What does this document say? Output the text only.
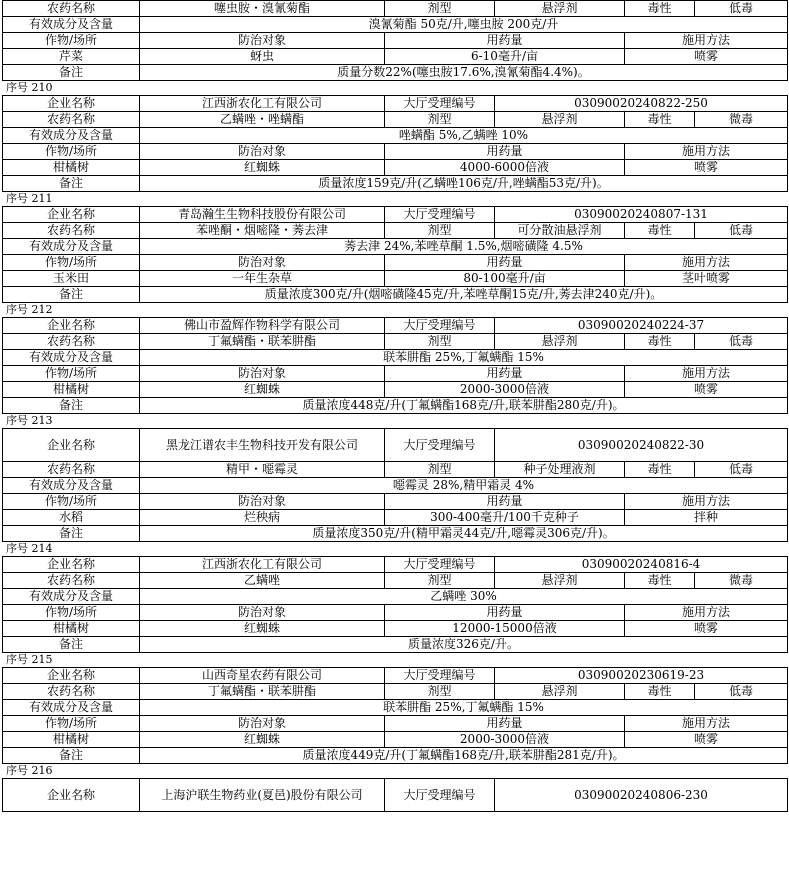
农药名称	噻虫胺・溴氰菊酯	剂型	悬浮剂	毒性	低毒
有效成分及含量	溴氰菊酯 50克/升,噻虫胺 200克/升				
作物/场所	防治对象	用药量		施用方法	
芹菜	蚜虫	6-10毫升/亩		喷雾	
备注	质量分数22%(噻虫胺17.6%,溴氰菊酯4.4%)。				
序号 210
企业名称	江西浙农化工有限公司	大厅受理编号	03090020240822-250		
农药名称	乙螨唑・唑螨酯	剂型	悬浮剂	毒性	微毒
有效成分及含量	唑螨酯 5%,乙螨唑 10%				
作物/场所	防治对象	用药量		施用方法	
柑橘树	红蜘蛛	4000-6000倍液		喷雾	
备注	质量浓度159克/升(乙螨唑106克/升,唑螨酯53克/升)。				
序号 211
企业名称	青岛瀚生生物科技股份有限公司	大厅受理编号	03090020240807-131		
农药名称	苯唑酮・烟嘧隆・莠去津	剂型	可分散油悬浮剂	毒性	低毒
有效成分及含量	莠去津 24%,苯唑草酮 1.5%,烟嘧磺隆 4.5%				
作物/场所	防治对象	用药量		施用方法	
玉米田	一年生杂草	80-100毫升/亩		茎叶喷雾	
备注	质量浓度300克/升(烟嘧磺隆45克/升,苯唑草酮15克/升,莠去津240克/升)。				
序号 212
企业名称	佛山市盈辉作物科学有限公司	大厅受理编号	03090020240224-37		
农药名称	丁氟螨酯・联苯肼酯	剂型	悬浮剂	毒性	低毒
有效成分及含量	联苯肼酯 25%,丁氟螨酯 15%				
作物/场所	防治对象	用药量		施用方法	
柑橘树	红蜘蛛	2000-3000倍液		喷雾	
备注	质量浓度448克/升(丁氟螨酯168克/升,联苯肼酯280克/升)。				
序号 213
企业名称	黑龙江谱农丰生物科技开发有限公司	大厅受理编号	03090020240822-30		
农药名称	精甲・噁霉灵	剂型	种子处理液剂	毒性	低毒
有效成分及含量	噁霉灵 28%,精甲霜灵 4%				
作物/场所	防治对象	用药量		施用方法	
水稻	烂秧病	300-400毫升/100千克种子		拌种	
备注	质量浓度350克/升(精甲霜灵44克/升,噁霉灵306克/升)。				
序号 214
企业名称	江西浙农化工有限公司	大厅受理编号	03090020240816-4		
农药名称	乙螨唑	剂型	悬浮剂	毒性	微毒
有效成分及含量	乙螨唑 30%				
作物/场所	防治对象	用药量		施用方法	
柑橘树	红蜘蛛	12000-15000倍液		喷雾	
备注	质量浓度326克/升。				
序号 215
企业名称	山西奇星农药有限公司	大厅受理编号	03090020230619-23		
农药名称	丁氟螨酯・联苯肼酯	剂型	悬浮剂	毒性	低毒
有效成分及含量	联苯肼酯 25%,丁氟螨酯 15%				
作物/场所	防治对象	用药量		施用方法	
柑橘树	红蜘蛛	2000-3000倍液		喷雾	
备注	质量浓度449克/升(丁氟螨酯168克/升,联苯肼酯281克/升)。				
序号 216
企业名称	上海沪联生物药业(夏邑)股份有限公司	大厅受理编号	03090020240806-230
